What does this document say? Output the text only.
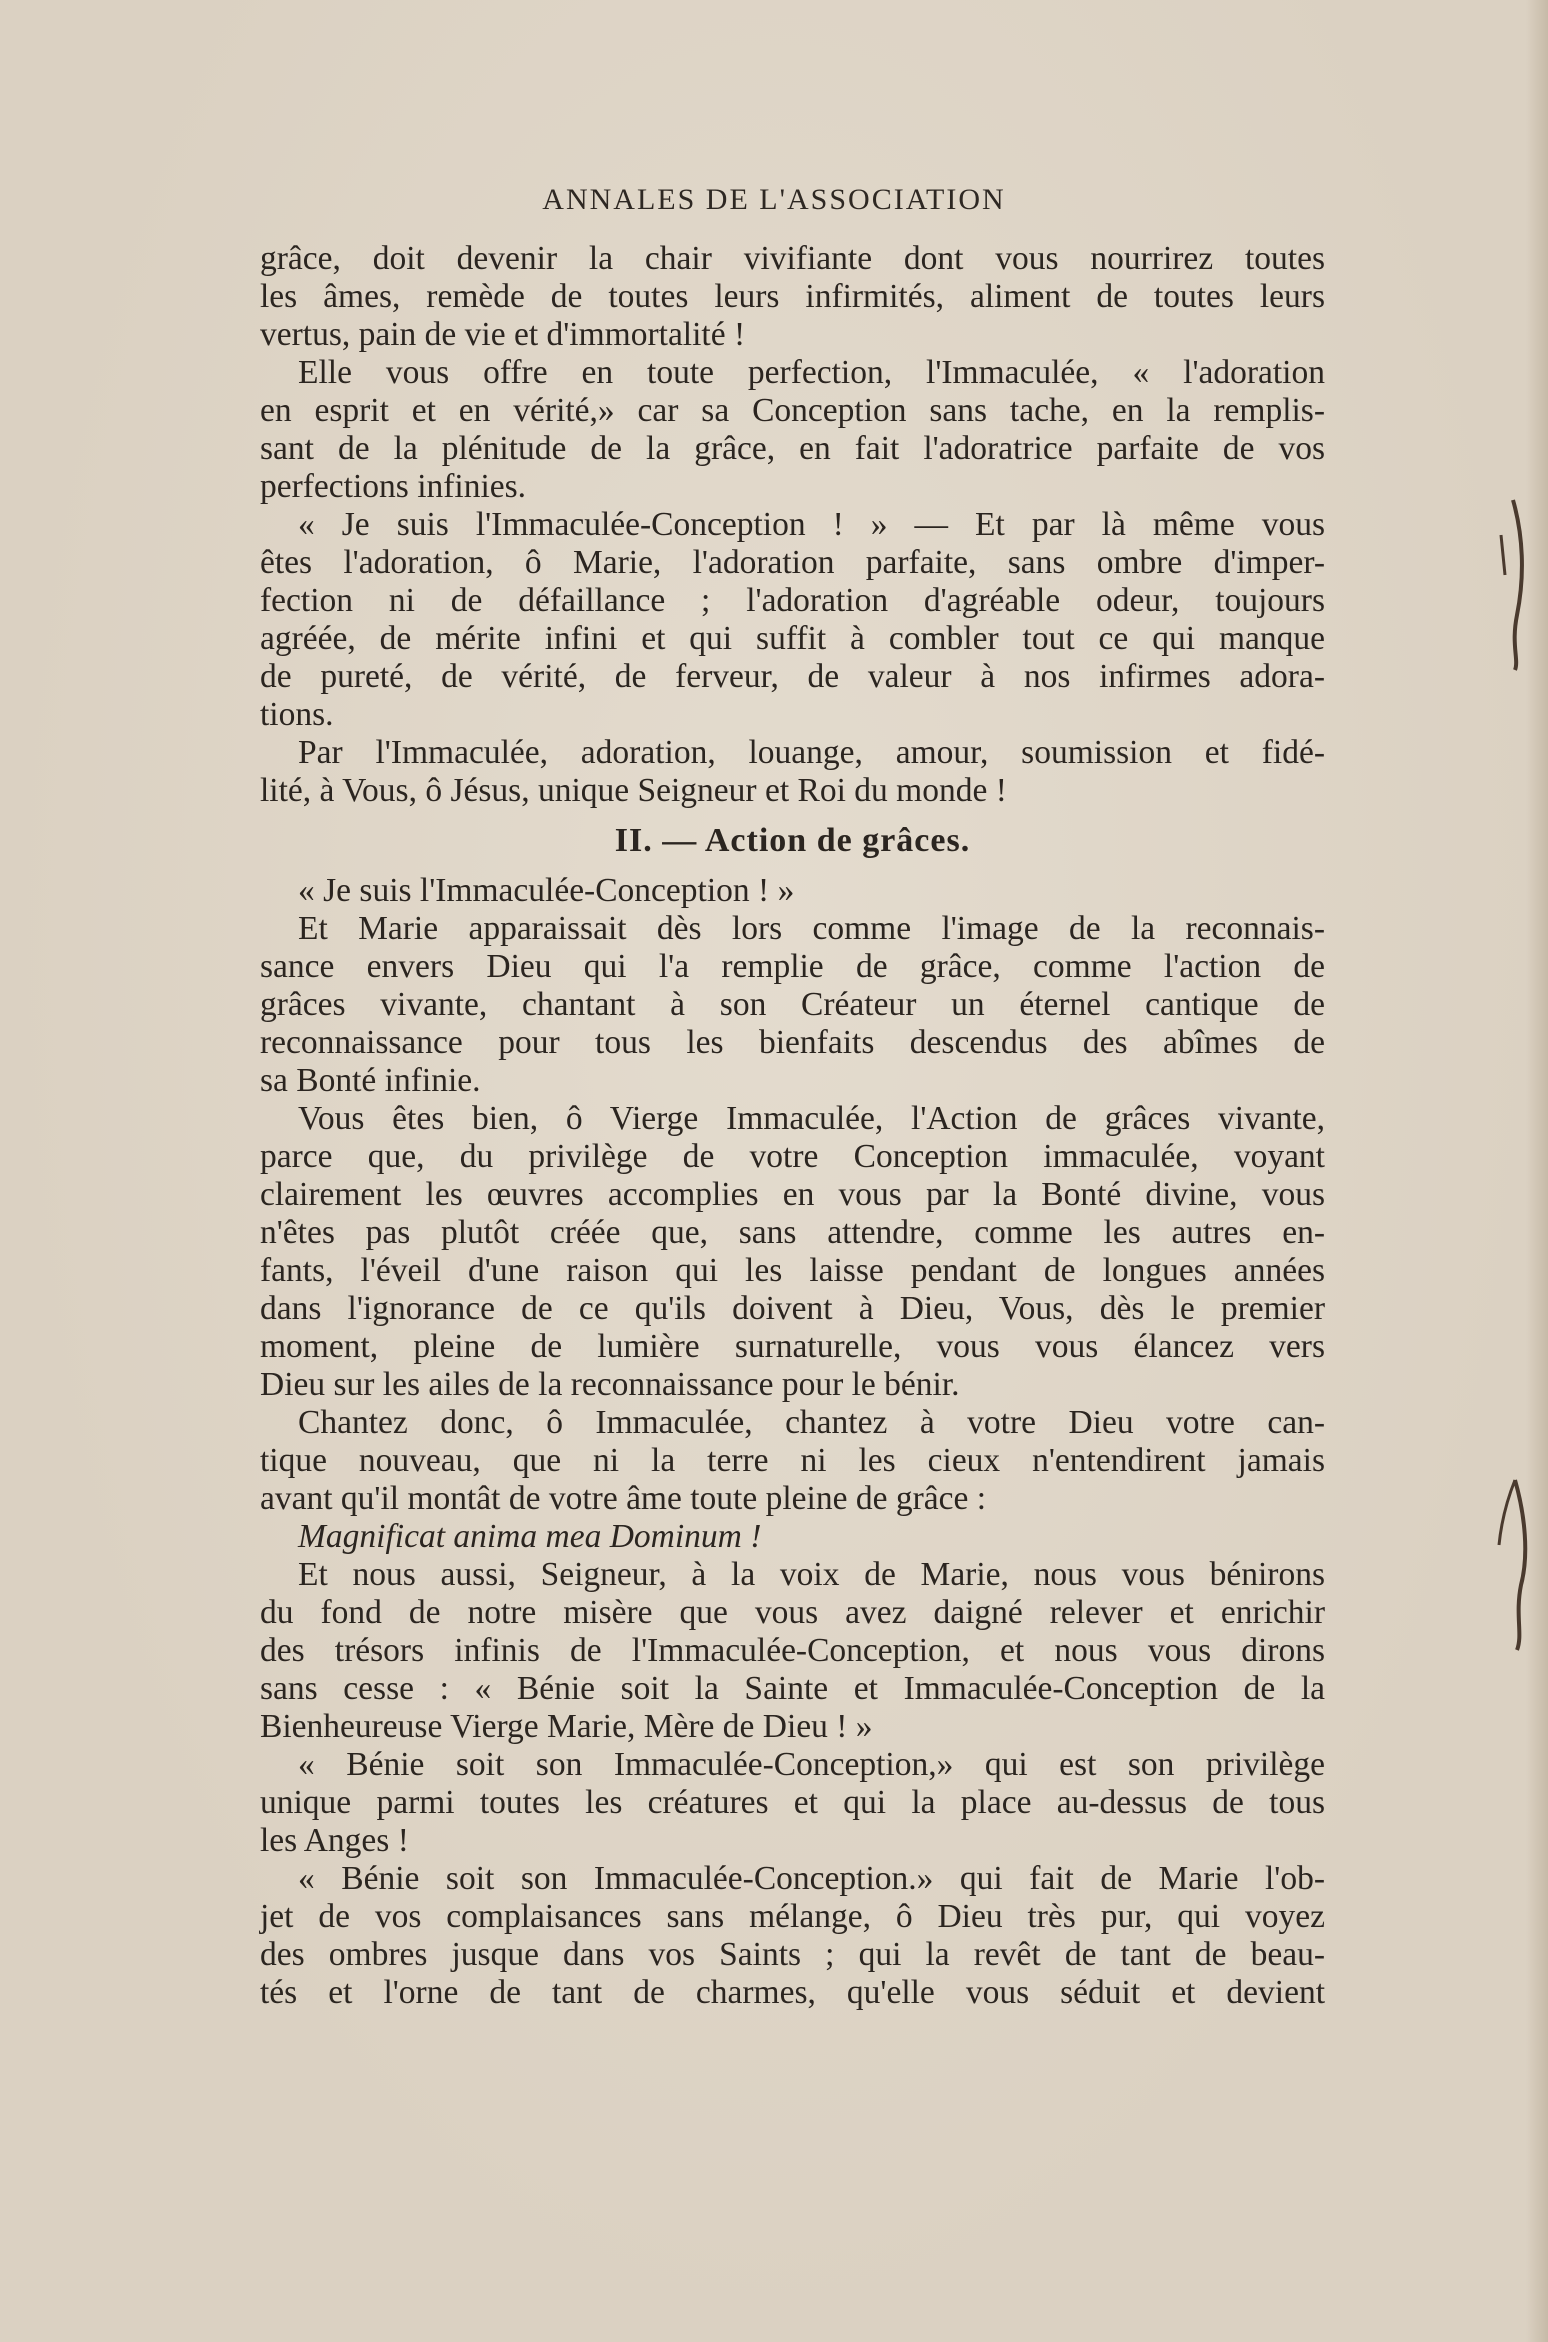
ANNALES DE L'ASSOCIATION
grâce, doit devenir la chair vivifiante dont vous nourrirez toutes
les âmes, remède de toutes leurs infirmités, aliment de toutes leurs
vertus, pain de vie et d'immortalité !
Elle vous offre en toute perfection, l'Immaculée, « l'adoration
en esprit et en vérité,» car sa Conception sans tache, en la remplis-
sant de la plénitude de la grâce, en fait l'adoratrice parfaite de vos
perfections infinies.
« Je suis l'Immaculée-Conception ! » — Et par là même vous
êtes l'adoration, ô Marie, l'adoration parfaite, sans ombre d'imper-
fection ni de défaillance ; l'adoration d'agréable odeur, toujours
agréée, de mérite infini et qui suffit à combler tout ce qui manque
de pureté, de vérité, de ferveur, de valeur à nos infirmes adora-
tions.
Par l'Immaculée, adoration, louange, amour, soumission et fidé-
lité, à Vous, ô Jésus, unique Seigneur et Roi du monde !
II. — Action de grâces.
« Je suis l'Immaculée-Conception ! »
Et Marie apparaissait dès lors comme l'image de la reconnais-
sance envers Dieu qui l'a remplie de grâce, comme l'action de
grâces vivante, chantant à son Créateur un éternel cantique de
reconnaissance pour tous les bienfaits descendus des abîmes de
sa Bonté infinie.
Vous êtes bien, ô Vierge Immaculée, l'Action de grâces vivante,
parce que, du privilège de votre Conception immaculée, voyant
clairement les œuvres accomplies en vous par la Bonté divine, vous
n'êtes pas plutôt créée que, sans attendre, comme les autres en-
fants, l'éveil d'une raison qui les laisse pendant de longues années
dans l'ignorance de ce qu'ils doivent à Dieu, Vous, dès le premier
moment, pleine de lumière surnaturelle, vous vous élancez vers
Dieu sur les ailes de la reconnaissance pour le bénir.
Chantez donc, ô Immaculée, chantez à votre Dieu votre can-
tique nouveau, que ni la terre ni les cieux n'entendirent jamais
avant qu'il montât de votre âme toute pleine de grâce :
Magnificat anima mea Dominum !
Et nous aussi, Seigneur, à la voix de Marie, nous vous bénirons
du fond de notre misère que vous avez daigné relever et enrichir
des trésors infinis de l'Immaculée-Conception, et nous vous dirons
sans cesse : « Bénie soit la Sainte et Immaculée-Conception de la
Bienheureuse Vierge Marie, Mère de Dieu ! »
« Bénie soit son Immaculée-Conception,» qui est son privilège
unique parmi toutes les créatures et qui la place au-dessus de tous
les Anges !
« Bénie soit son Immaculée-Conception.» qui fait de Marie l'ob-
jet de vos complaisances sans mélange, ô Dieu très pur, qui voyez
des ombres jusque dans vos Saints ; qui la revêt de tant de beau-
tés et l'orne de tant de charmes, qu'elle vous séduit et devient
